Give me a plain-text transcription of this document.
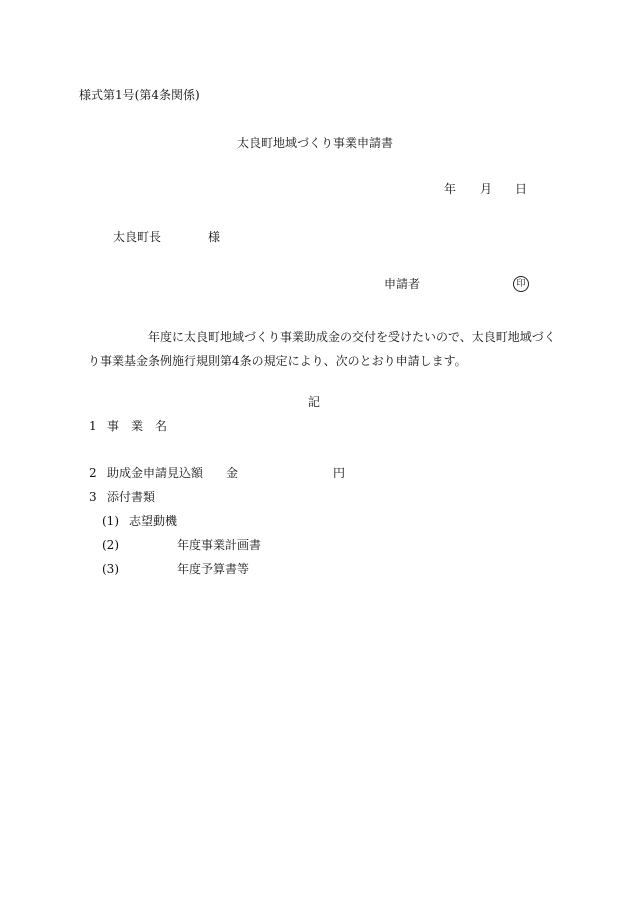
様式第1号(第4条関係)
太良町地域づくり事業申請書
年 月 日
太良町長	様
申請者	印
年度に太良町地域づくり事業助成金の交付を受けたいので、太良町地域づく
り事業基金条例施行規則第4条の規定により、次のとおり申請します。
記
1 事 業 名
2 助成金申請見込額 金	円
3 添付書類
(1) 志望動機
(2)	年度事業計画書
(3)	年度予算書等
